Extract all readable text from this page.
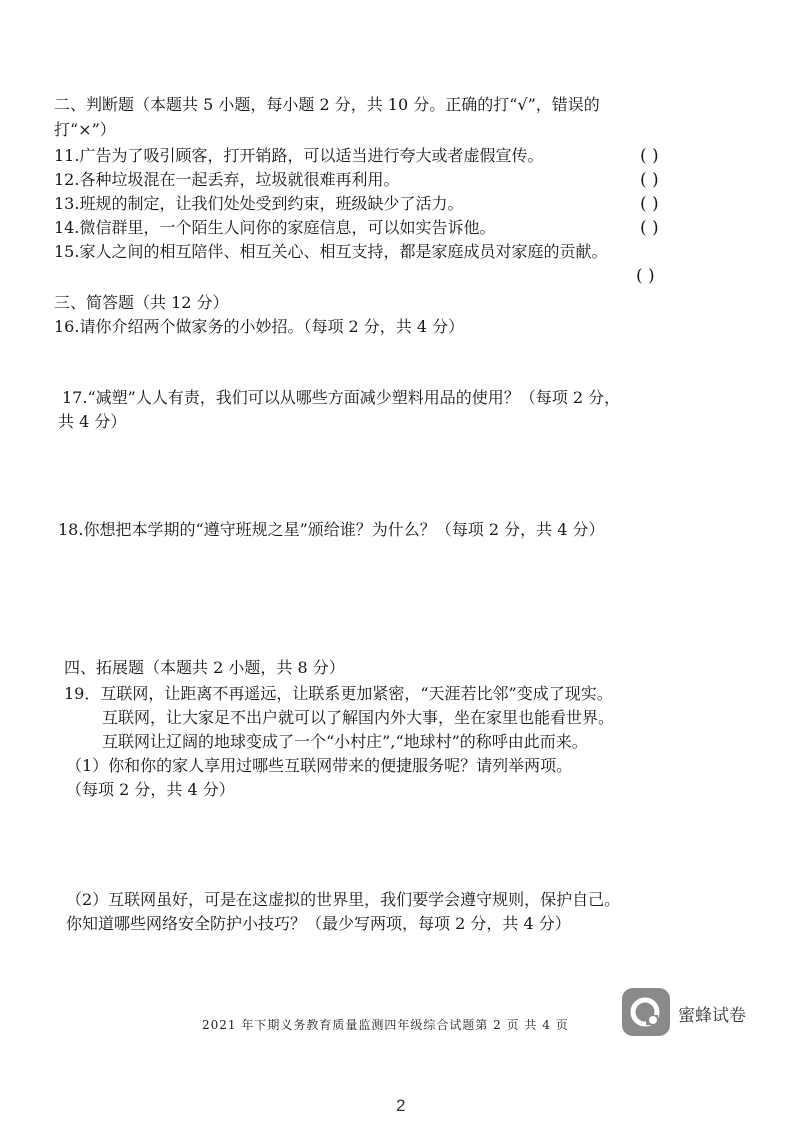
二、判断题（本题共 5 小题，每小题 2 分，共 10 分。正确的打“√”，错误的
打“×”）
11.广告为了吸引顾客，打开销路，可以适当进行夸大或者虚假宣传。	( )
12.各种垃圾混在一起丢弃，垃圾就很难再利用。	( )
13.班规的制定，让我们处处受到约束，班级缺少了活力。	( )
14.微信群里，一个陌生人问你的家庭信息，可以如实告诉他。	( )
15.家人之间的相互陪伴、相互关心、相互支持，都是家庭成员对家庭的贡献。
( )
三、简答题（共 12 分）
16.请你介绍两个做家务的小妙招。（每项 2 分，共 4 分）
17.“减塑”人人有责，我们可以从哪些方面减少塑料用品的使用？（每项 2 分，
共 4 分）
18.你想把本学期的“遵守班规之星”颁给谁？为什么？（每项 2 分，共 4 分）
四、拓展题（本题共 2 小题，共 8 分）
19．互联网，让距离不再遥远，让联系更加紧密，“天涯若比邻”变成了现实。
互联网，让大家足不出户就可以了解国内外大事，坐在家里也能看世界。
互联网让辽阔的地球变成了一个“小村庄”,“地球村”的称呼由此而来。
（1）你和你的家人享用过哪些互联网带来的便捷服务呢？请列举两项。
（每项 2 分，共 4 分）
（2）互联网虽好，可是在这虚拟的世界里，我们要学会遵守规则，保护自己。
你知道哪些网络安全防护小技巧？（最少写两项，每项 2 分，共 4 分）
2021 年下期义务教育质量监测四年级综合试题第 2 页 共 4 页	蜜蜂试卷
2
